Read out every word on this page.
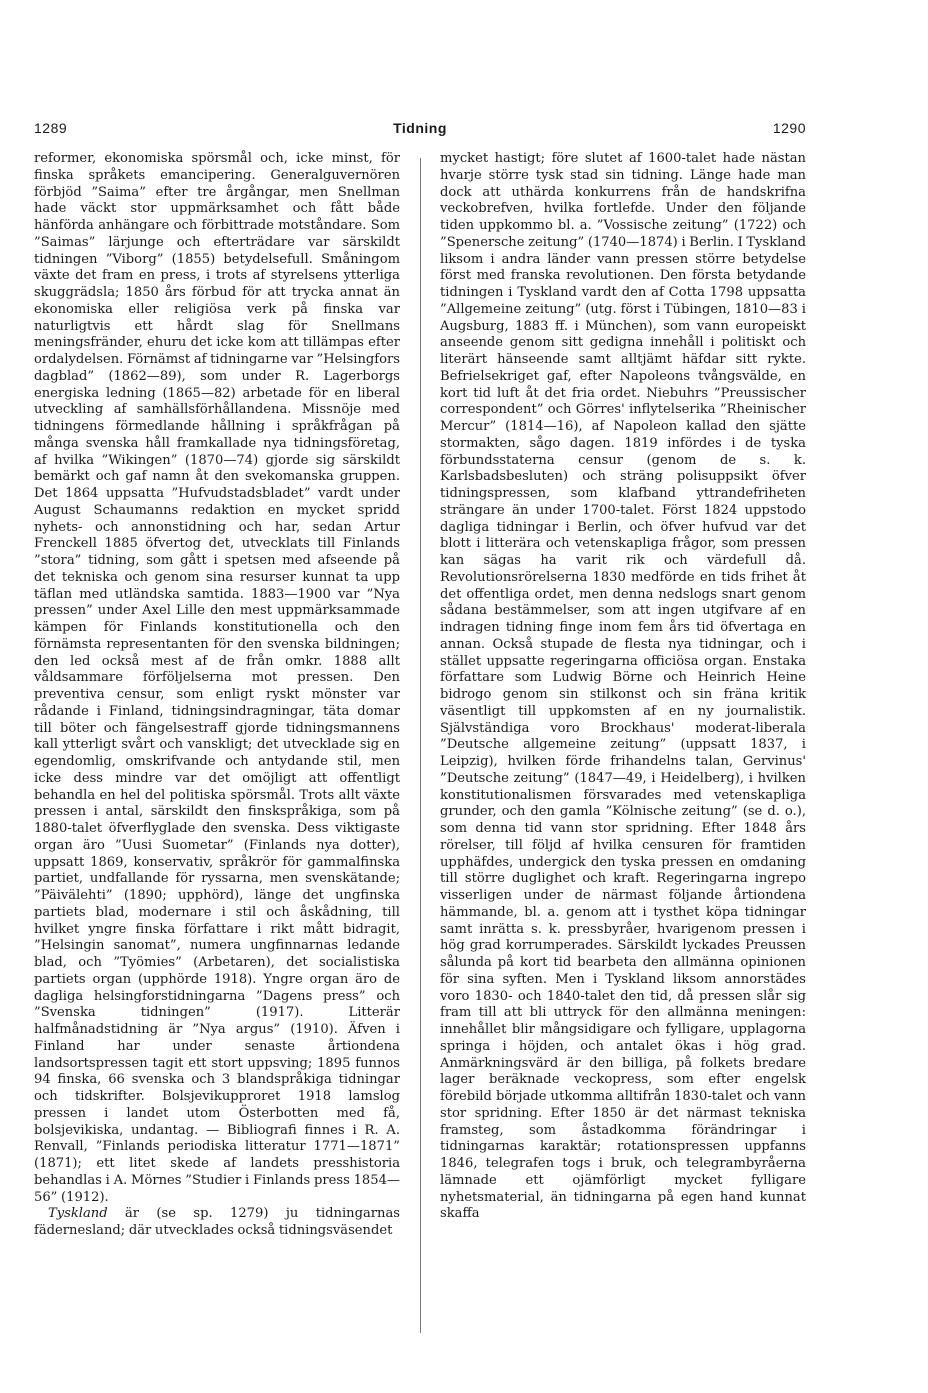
1289	Tidning	1290

reformer, ekonomiska spörsmål och, icke minst, för finska språkets emancipering. Generalguvernören förbjöd ”Saima” efter tre årgångar, men Snellman hade väckt stor uppmärksamhet och fått både hänförda anhängare och förbittrade motståndare. Som ”Saimas” lärjunge och efterträdare var särskildt tidningen ”Viborg” (1855) betydelsefull. Småningom växte det fram en press, i trots af styrelsens ytterliga skuggrädsla; 1850 års förbud för att trycka annat än ekonomiska eller religiösa verk på finska var naturligtvis ett hårdt slag för Snellmans meningsfränder, ehuru det icke kom att tillämpas efter ordalydelsen. Förnämst af tidningarne var ”Helsingfors dagblad” (1862—89), som under R. Lagerborgs energiska ledning (1865—82) arbetade för en liberal utveckling af samhällsförhållandena. Missnöje med tidningens förmedlande hållning i språkfrågan på många svenska håll framkallade nya tidningsföretag, af hvilka ”Wikingen” (1870—74) gjorde sig särskildt bemärkt och gaf namn åt den svekomanska gruppen. Det 1864 uppsatta ”Hufvudstadsbladet” vardt under August Schaumanns redaktion en mycket spridd nyhets- och annonstidning och har, sedan Artur Frenckell 1885 öfvertog det, utvecklats till Finlands ”stora” tidning, som gått i spetsen med afseende på det tekniska och genom sina resurser kunnat ta upp täflan med utländska samtida. 1883—1900 var ”Nya pressen” under Axel Lille den mest uppmärksammade kämpen för Finlands konstitutionella och den förnämsta representanten för den svenska bildningen; den led också mest af de från omkr. 1888 allt våldsammare förföljelserna mot pressen. Den preventiva censur, som enligt ryskt mönster var rådande i Finland, tidningsindragningar, täta domar till böter och fängelsestraff gjorde tidningsmannens kall ytterligt svårt och vanskligt; det utvecklade sig en egendomlig, omskrifvande och antydande stil, men icke dess mindre var det omöjligt att offentligt behandla en hel del politiska spörsmål. Trots allt växte pressen i antal, särskildt den finskspråkiga, som på 1880-talet öfverflyglade den svenska. Dess viktigaste organ äro ”Uusi Suometar” (Finlands nya dotter), uppsatt 1869, konservativ, språkrör för gammalfinska partiet, undfallande för ryssarna, men svenskätande; ”Päivälehti” (1890; upphörd), länge det ungfinska partiets blad, modernare i stil och åskådning, till hvilket yngre finska författare i rikt mått bidragit, ”Helsingin sanomat”, numera ungfinnarnas ledande blad, och ”Työmies” (Arbetaren), det socialistiska partiets organ (upphörde 1918). Yngre organ äro de dagliga helsingforstidningarna ”Dagens press” och ”Svenska tidningen” (1917). Litterär halfmånadstidning är ”Nya argus” (1910). Äfven i Finland har under senaste årtiondena landsortspressen tagit ett stort uppsving; 1895 funnos 94 finska, 66 svenska och 3 blandspråkiga tidningar och tidskrifter. Bolsjevikupproret 1918 lamslog pressen i landet utom Österbotten med få, bolsjevikiska, undantag. — Bibliografi finnes i R. A. Renvall, ”Finlands periodiska litteratur 1771—1871” (1871); ett litet skede af landets presshistoria behandlas i A. Mörnes ”Studier i Finlands press 1854—56” (1912).

Tyskland är (se sp. 1279) ju tidningarnas fädernesland; där utvecklades också tidningsväsendet

mycket hastigt; före slutet af 1600-talet hade nästan hvarje större tysk stad sin tidning. Länge hade man dock att uthärda konkurrens från de handskrifna veckobrefven, hvilka fortlefde. Under den följande tiden uppkommo bl. a. ”Vossische zeitung” (1722) och ”Spenersche zeitung” (1740—1874) i Berlin. I Tyskland liksom i andra länder vann pressen större betydelse först med franska revolutionen. Den första betydande tidningen i Tyskland vardt den af Cotta 1798 uppsatta ”Allgemeine zeitung” (utg. först i Tübingen, 1810—83 i Augsburg, 1883 ff. i München), som vann europeiskt anseende genom sitt gedigna innehåll i politiskt och literärt hänseende samt alltjämt häfdar sitt rykte. Befrielsekriget gaf, efter Napoleons tvångsvälde, en kort tid luft åt det fria ordet. Niebuhrs ”Preussischer correspondent” och Görres' inflytelserika ”Rheinischer Mercur” (1814—16), af Napoleon kallad den sjätte stormakten, sågo dagen. 1819 infördes i de tyska förbundsstaterna censur (genom de s. k. Karlsbadsbesluten) och sträng polisuppsikt öfver tidningspressen, som klafband yttrandefriheten strängare än under 1700-talet. Först 1824 uppstodo dagliga tidningar i Berlin, och öfver hufvud var det blott i litterära och vetenskapliga frågor, som pressen kan sägas ha varit rik och värdefull då. Revolutionsrörelserna 1830 medförde en tids frihet åt det offentliga ordet, men denna nedslogs snart genom sådana bestämmelser, som att ingen utgifvare af en indragen tidning finge inom fem års tid öfvertaga en annan. Också stupade de flesta nya tidningar, och i stället uppsatte regeringarna officiösa organ. Enstaka författare som Ludwig Börne och Heinrich Heine bidrogo genom sin stilkonst och sin fräna kritik väsentligt till uppkomsten af en ny journalistik. Självständiga voro Brockhaus' moderat-liberala ”Deutsche allgemeine zeitung” (uppsatt 1837, i Leipzig), hvilken förde frihandelns talan, Gervinus' ”Deutsche zeitung” (1847—49, i Heidelberg), i hvilken konstitutionalismen försvarades med vetenskapliga grunder, och den gamla ”Kölnische zeitung” (se d. o.), som denna tid vann stor spridning. Efter 1848 års rörelser, till följd af hvilka censuren för framtiden upphäfdes, undergick den tyska pressen en omdaning till större duglighet och kraft. Regeringarna ingrepo visserligen under de närmast följande årtiondena hämmande, bl. a. genom att i tysthet köpa tidningar samt inrätta s. k. pressbyråer, hvarigenom pressen i hög grad korrumperades. Särskildt lyckades Preussen sålunda på kort tid bearbeta den allmänna opinionen för sina syften. Men i Tyskland liksom annorstädes voro 1830- och 1840-talet den tid, då pressen slår sig fram till att bli uttryck för den allmänna meningen: innehållet blir mångsidigare och fylligare, upplagorna springa i höjden, och antalet ökas i hög grad. Anmärkningsvärd är den billiga, på folkets bredare lager beräknade veckopress, som efter engelsk förebild började utkomma alltifrån 1830-talet och vann stor spridning. Efter 1850 är det närmast tekniska framsteg, som åstadkomma förändringar i tidningarnas karaktär; rotationspressen uppfanns 1846, telegrafen togs i bruk, och telegrambyråerna lämnade ett ojämförligt mycket fylligare nyhetsmaterial, än tidningarna på egen hand kunnat skaffa
